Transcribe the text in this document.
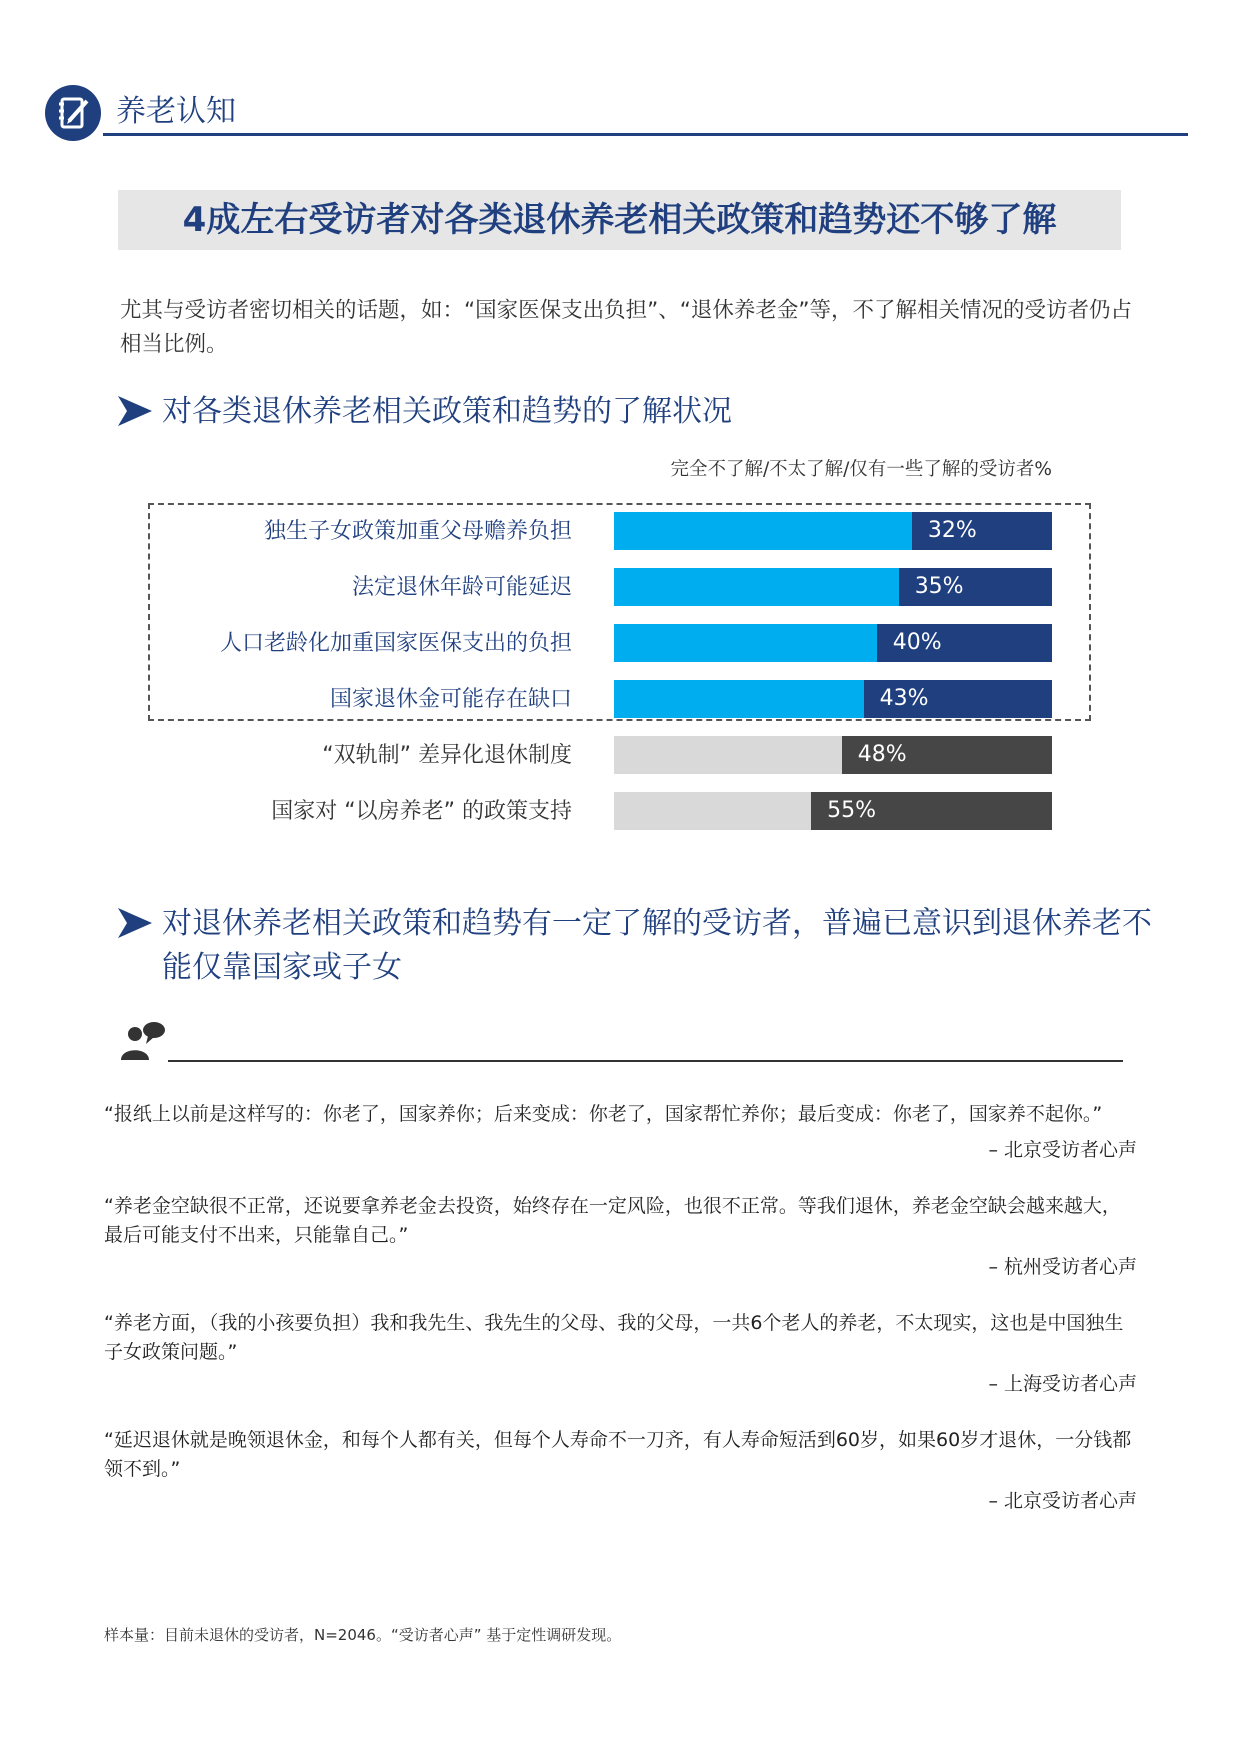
养老认知
4成左右受访者对各类退休养老相关政策和趋势还不够了解
尤其与受访者密切相关的话题，如：“国家医保支出负担”、“退休养老金”等，不了解相关情况的受访者仍占相当比例。
对各类退休养老相关政策和趋势的了解状况
完全不了解/不太了解/仅有一些了解的受访者%
独生子女政策加重父母赡养负担	32%
法定退休年龄可能延迟	35%
人口老龄化加重国家医保支出的负担	40%
国家退休金可能存在缺口	43%
“双轨制” 差异化退休制度	48%
国家对 “以房养老” 的政策支持	55%
对退休养老相关政策和趋势有一定了解的受访者，普遍已意识到退休养老不能仅靠国家或子女
“报纸上以前是这样写的：你老了，国家养你；后来变成：你老了，国家帮忙养你；最后变成：你老了，国家养不起你。”
– 北京受访者心声
“养老金空缺很不正常，还说要拿养老金去投资，始终存在一定风险，也很不正常。等我们退休，养老金空缺会越来越大，最后可能支付不出来，只能靠自己。”
– 杭州受访者心声
“养老方面，（我的小孩要负担）我和我先生、我先生的父母、我的父母，一共6个老人的养老，不太现实，这也是中国独生子女政策问题。”
– 上海受访者心声
“延迟退休就是晚领退休金，和每个人都有关，但每个人寿命不一刀齐，有人寿命短活到60岁，如果60岁才退休，一分钱都领不到。”
– 北京受访者心声
样本量：目前未退休的受访者，N=2046。“受访者心声” 基于定性调研发现。
